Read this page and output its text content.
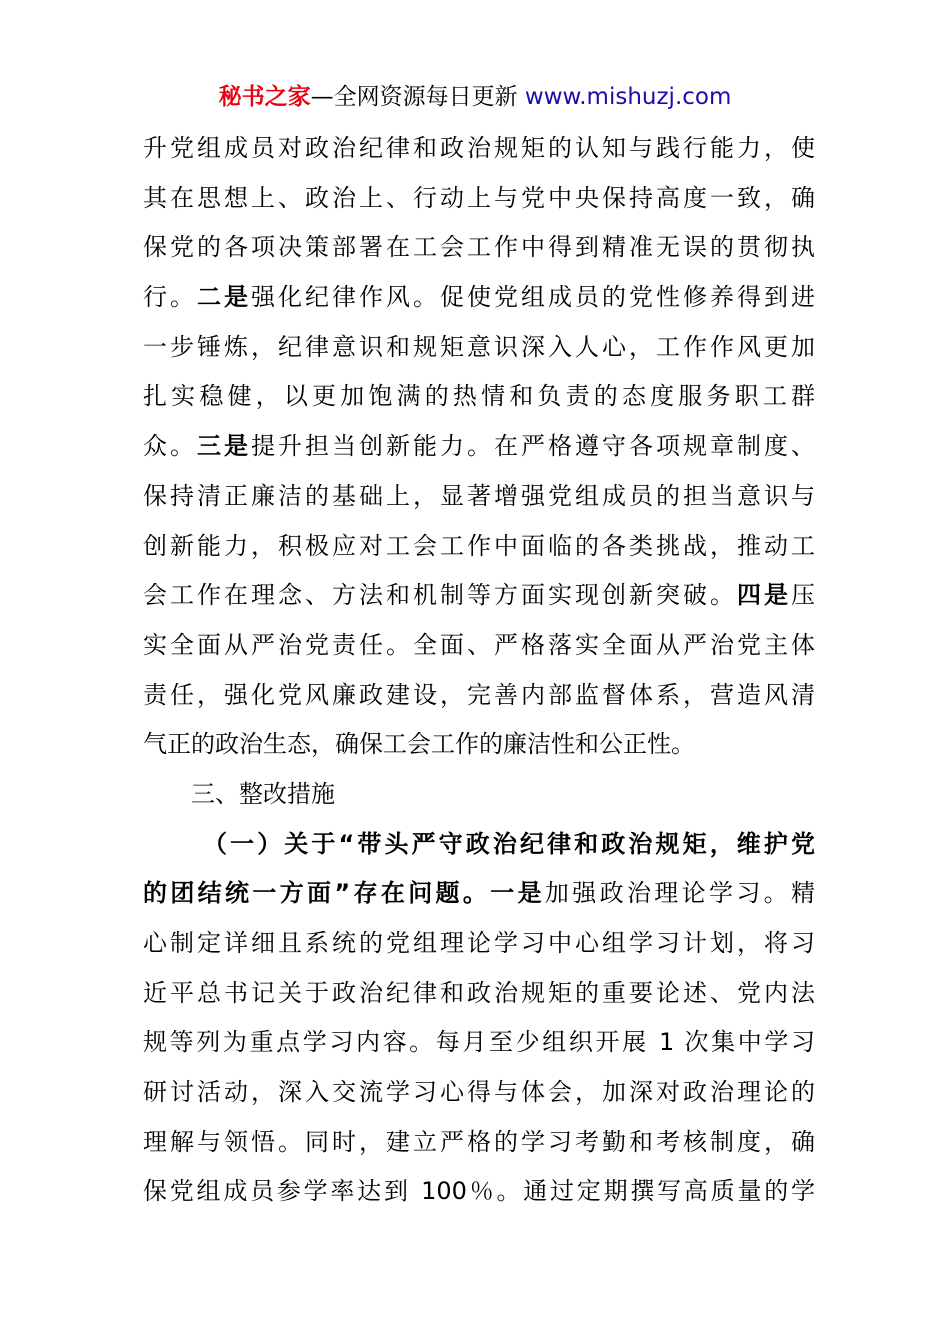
秘书之家—全网资源每日更新 www.mishuzj.com
升党组成员对政治纪律和政治规矩的认知与践行能力，使
其在思想上、政治上、行动上与党中央保持高度一致，确
保党的各项决策部署在工会工作中得到精准无误的贯彻执
行。二是强化纪律作风。促使党组成员的党性修养得到进
一步锤炼，纪律意识和规矩意识深入人心，工作作风更加
扎实稳健，以更加饱满的热情和负责的态度服务职工群
众。三是提升担当创新能力。在严格遵守各项规章制度、
保持清正廉洁的基础上，显著增强党组成员的担当意识与
创新能力，积极应对工会工作中面临的各类挑战，推动工
会工作在理念、方法和机制等方面实现创新突破。四是压
实全面从严治党责任。全面、严格落实全面从严治党主体
责任，强化党风廉政建设，完善内部监督体系，营造风清
气正的政治生态，确保工会工作的廉洁性和公正性。
三、整改措施
（一）关于“带头严守政治纪律和政治规矩，维护党
的团结统一方面”存在问题。一是加强政治理论学习。精
心制定详细且系统的党组理论学习中心组学习计划，将习
近平总书记关于政治纪律和政治规矩的重要论述、党内法
规等列为重点学习内容。每月至少组织开展 1 次集中学习
研讨活动，深入交流学习心得与体会，加深对政治理论的
理解与领悟。同时，建立严格的学习考勤和考核制度，确
保党组成员参学率达到 100％。通过定期撰写高质量的学
